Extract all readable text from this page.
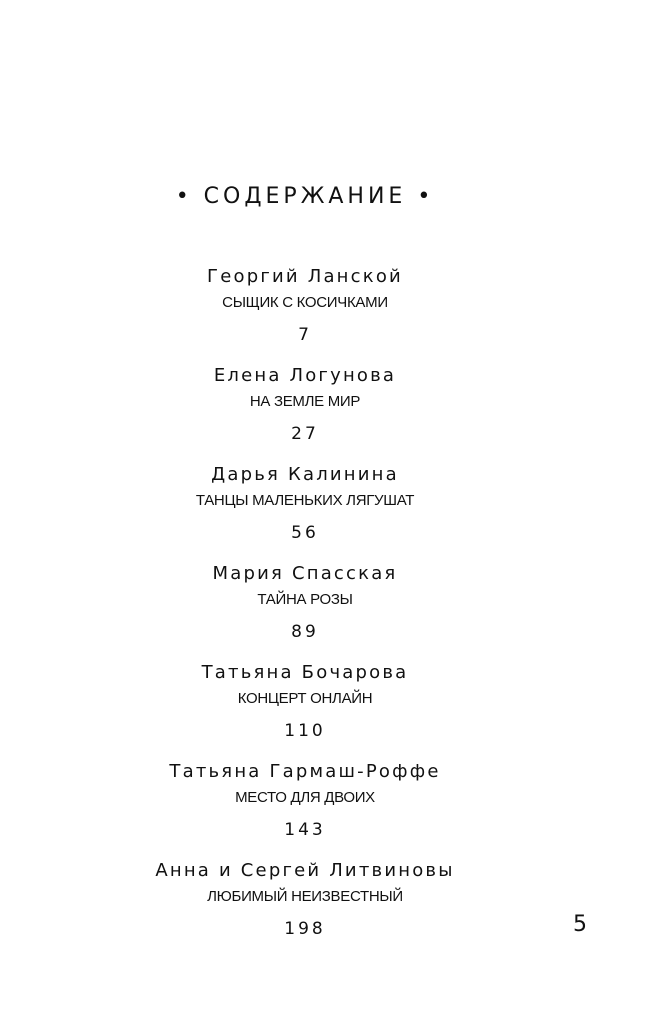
• СОДЕРЖАНИЕ •
Георгий Ланской
СЫЩИК С КОСИЧКАМИ
7
Елена Логунова
НА ЗЕМЛЕ МИР
27
Дарья Калинина
ТАНЦЫ МАЛЕНЬКИХ ЛЯГУШАТ
56
Мария Спасская
ТАЙНА РОЗЫ
89
Татьяна Бочарова
КОНЦЕРТ ОНЛАЙН
110
Татьяна Гармаш-Роффе
МЕСТО ДЛЯ ДВОИХ
143
Анна и Сергей Литвиновы
ЛЮБИМЫЙ НЕИЗВЕСТНЫЙ
198	5
